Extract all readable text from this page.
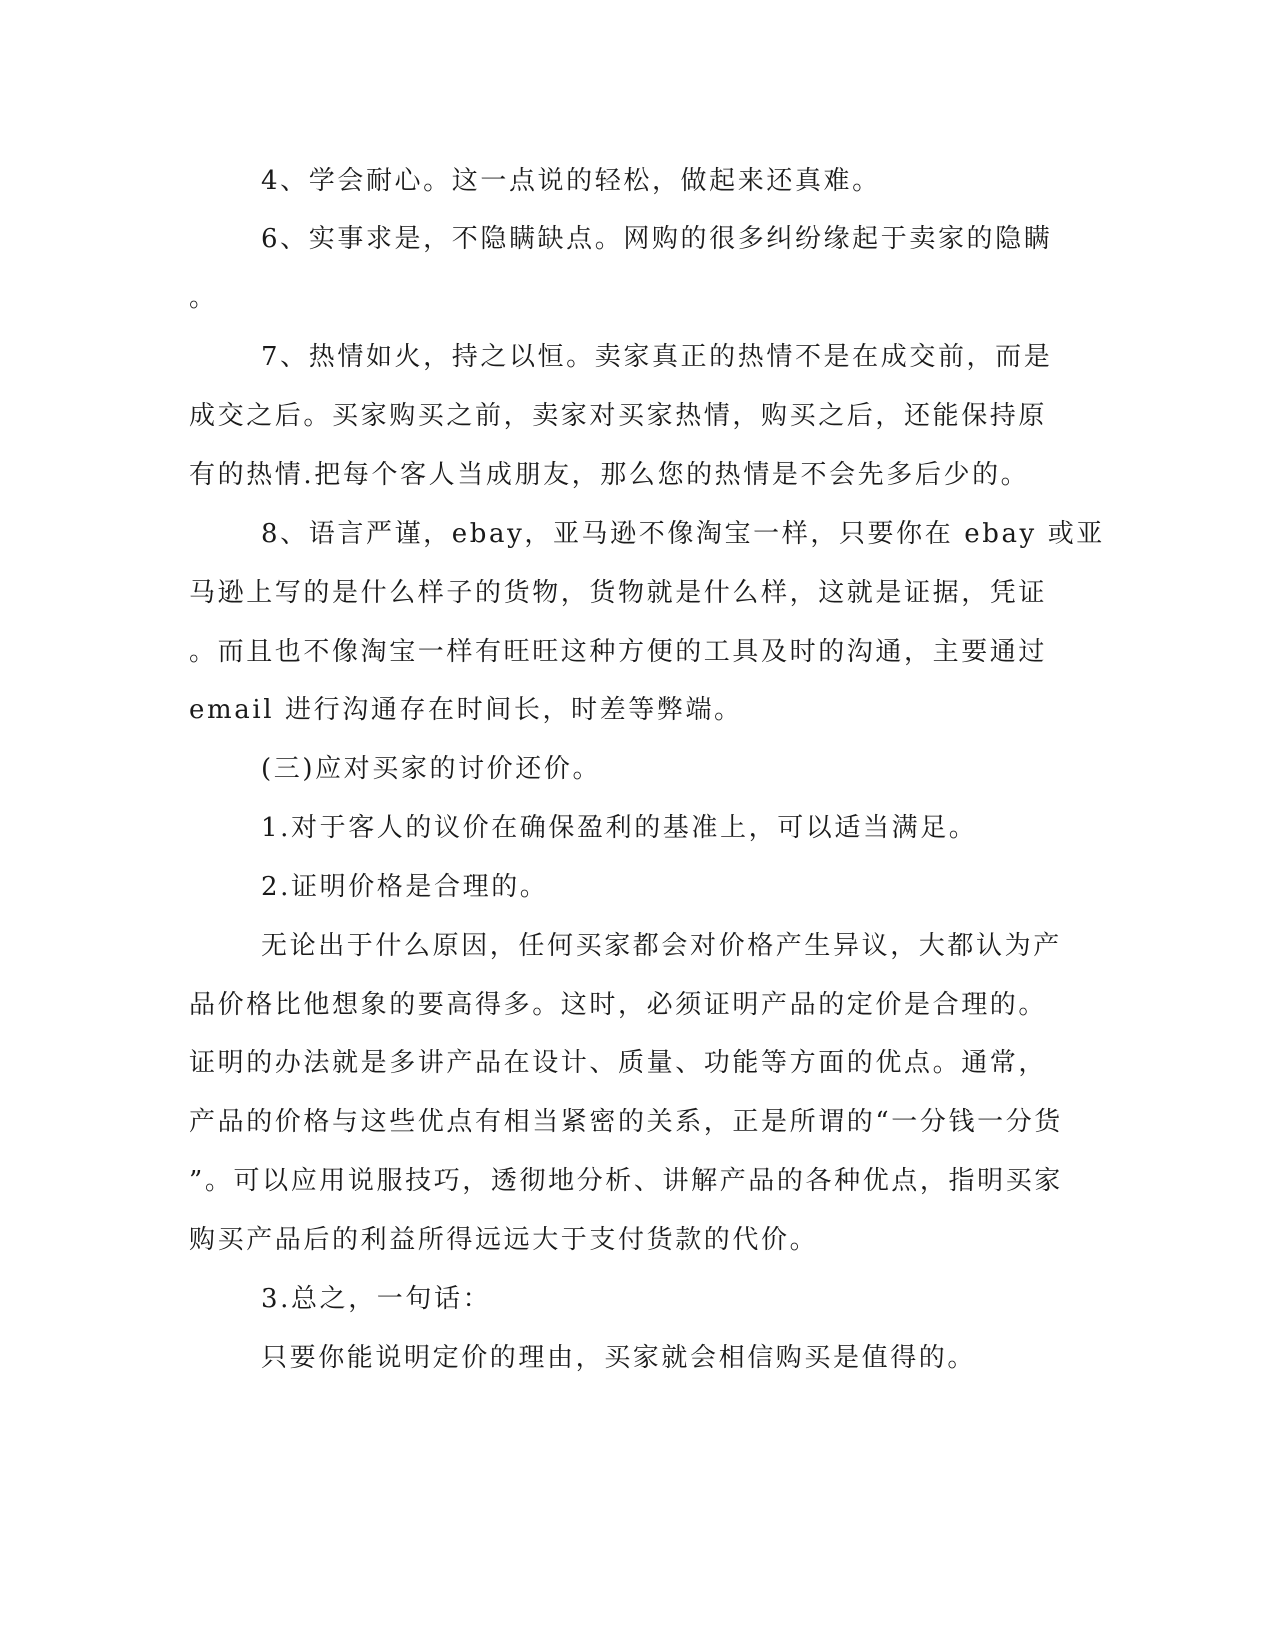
4、学会耐心。这一点说的轻松，做起来还真难。
6、实事求是，不隐瞒缺点。网购的很多纠纷缘起于卖家的隐瞒
。
7、热情如火，持之以恒。卖家真正的热情不是在成交前，而是
成交之后。买家购买之前，卖家对买家热情，购买之后，还能保持原
有的热情.把每个客人当成朋友，那么您的热情是不会先多后少的。
8、语言严谨，ebay，亚马逊不像淘宝一样，只要你在 ebay 或亚
马逊上写的是什么样子的货物，货物就是什么样，这就是证据，凭证
。而且也不像淘宝一样有旺旺这种方便的工具及时的沟通，主要通过
email 进行沟通存在时间长，时差等弊端。
(三)应对买家的讨价还价。
1.对于客人的议价在确保盈利的基准上，可以适当满足。
2.证明价格是合理的。
无论出于什么原因，任何买家都会对价格产生异议，大都认为产
品价格比他想象的要高得多。这时，必须证明产品的定价是合理的。
证明的办法就是多讲产品在设计、质量、功能等方面的优点。通常，
产品的价格与这些优点有相当紧密的关系，正是所谓的“一分钱一分货
”。可以应用说服技巧，透彻地分析、讲解产品的各种优点，指明买家
购买产品后的利益所得远远大于支付货款的代价。
3.总之，一句话：
只要你能说明定价的理由，买家就会相信购买是值得的。
